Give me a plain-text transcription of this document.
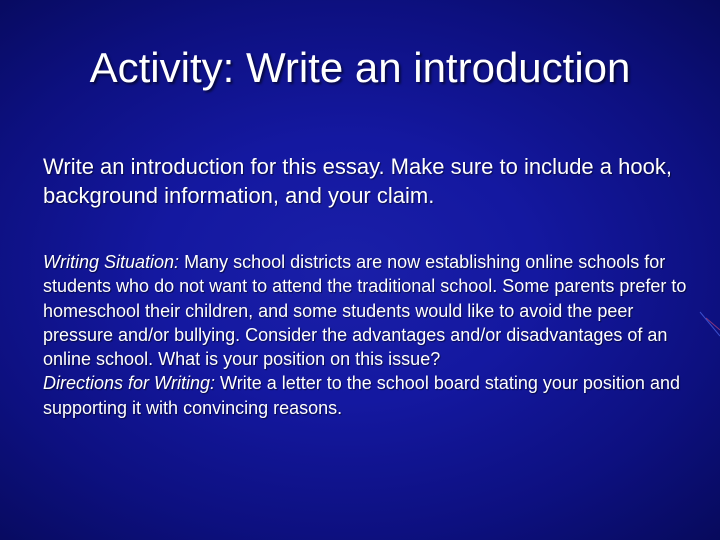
Activity: Write an introduction
Write an introduction for this essay. Make sure to include a hook, background information, and your claim.

Writing Situation: Many school districts are now establishing online schools for students who do not want to attend the traditional school. Some parents prefer to homeschool their children, and some students would like to avoid the peer pressure and/or bullying. Consider the advantages and/or disadvantages of an online school. What is your position on this issue?

Directions for Writing: Write a letter to the school board stating your position and supporting it with convincing reasons.
